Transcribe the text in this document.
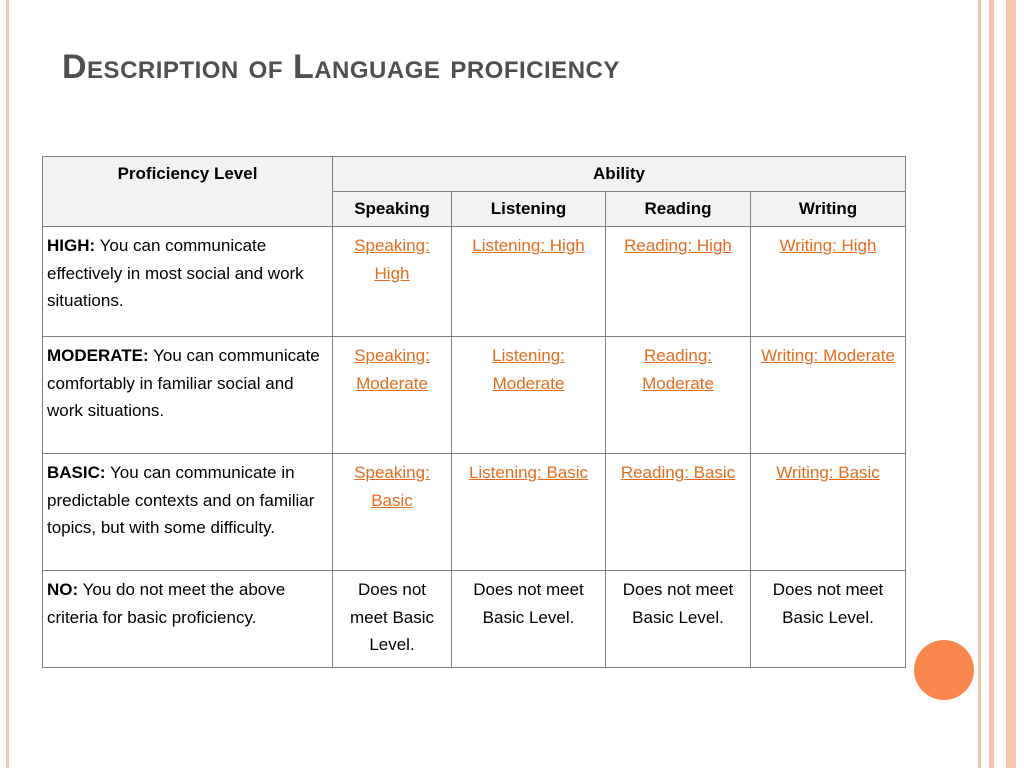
Description of Language proficiency
Proficiency Level	Ability			
	Speaking	Listening	Reading	Writing
HIGH: You can communicate effectively in most social and work situations.	Speaking: High	Listening: High	Reading: High	Writing: High
MODERATE: You can communicate comfortably in familiar social and work situations.	Speaking: Moderate	Listening: Moderate	Reading: Moderate	Writing: Moderate
BASIC: You can communicate in predictable contexts and on familiar topics, but with some difficulty.	Speaking: Basic	Listening: Basic	Reading: Basic	Writing: Basic
NO: You do not meet the above criteria for basic proficiency.	Does not meet Basic Level.	Does not meet Basic Level.	Does not meet Basic Level.	Does not meet Basic Level.
